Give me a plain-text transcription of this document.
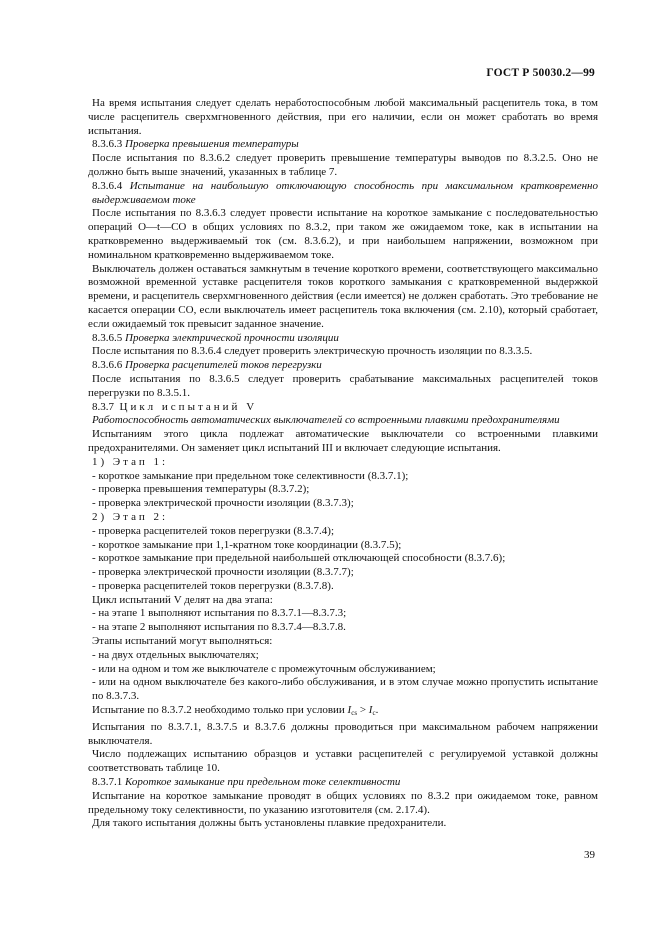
ГОСТ Р 50030.2—99

На время испытания следует сделать неработоспособным любой максимальный расцепитель тока, в том числе расцепитель сверхмгновенного действия, при его наличии, если он может сработать во время испытания.

8.3.6.3 Проверка превышения температуры

После испытания по 8.3.6.2 следует проверить превышение температуры выводов по 8.3.2.5. Оно не должно быть выше значений, указанных в таблице 7.

8.3.6.4 Испытание на наибольшую отключающую способность при максимальном кратковременно выдерживаемом токе

После испытания по 8.3.6.3 следует провести испытание на короткое замыкание с последовательностью операций О—t—СО в общих условиях по 8.3.2, при таком же ожидаемом токе, как в испытании на кратковременно выдерживаемый ток (см. 8.3.6.2), и при наибольшем напряжении, возможном при номинальном кратковременно выдерживаемом токе.

Выключатель должен оставаться замкнутым в течение короткого времени, соответствующего максимально возможной временной уставке расцепителя токов короткого замыкания с кратковременной выдержкой времени, и расцепитель сверхмгновенного действия (если имеется) не должен сработать. Это требование не касается операции СО, если выключатель имеет расцепитель тока включения (см. 2.10), который сработает, если ожидаемый ток превысит заданное значение.

8.3.6.5 Проверка электрической прочности изоляции

После испытания по 8.3.6.4 следует проверить электрическую прочность изоляции по 8.3.3.5.

8.3.6.6 Проверка расцепителей токов перегрузки

После испытания по 8.3.6.5 следует проверить срабатывание максимальных расцепителей токов перегрузки по 8.3.5.1.

8.3.7 Цикл испытаний V

Работоспособность автоматических выключателей со встроенными плавкими предохранителями

Испытаниям этого цикла подлежат автоматические выключатели со встроенными плавкими предохранителями. Он заменяет цикл испытаний III и включает следующие испытания.

1) Этап 1:

- короткое замыкание при предельном токе селективности (8.3.7.1);

- проверка превышения температуры (8.3.7.2);

- проверка электрической прочности изоляции (8.3.7.3);

2) Этап 2:

- проверка расцепителей токов перегрузки (8.3.7.4);

- короткое замыкание при 1,1-кратном токе координации (8.3.7.5);

- короткое замыкание при предельной наибольшей отключающей способности (8.3.7.6);

- проверка электрической прочности изоляции (8.3.7.7);

- проверка расцепителей токов перегрузки (8.3.7.8).

Цикл испытаний V делят на два этапа:

- на этапе 1 выполняют испытания по 8.3.7.1—8.3.7.3;

- на этапе 2 выполняют испытания по 8.3.7.4—8.3.7.8.

Этапы испытаний могут выполняться:

- на двух отдельных выключателях;

- или на одном и том же выключателе с промежуточным обслуживанием;

- или на одном выключателе без какого-либо обслуживания, и в этом случае можно пропустить испытание по 8.3.7.3.

Испытание по 8.3.7.2 необходимо только при условии $I_{cs} > I_c$.

Испытания по 8.3.7.1, 8.3.7.5 и 8.3.7.6 должны проводиться при максимальном рабочем напряжении выключателя.

Число подлежащих испытанию образцов и уставки расцепителей с регулируемой уставкой должны соответствовать таблице 10.

8.3.7.1 Короткое замыкание при предельном токе селективности

Испытание на короткое замыкание проводят в общих условиях по 8.3.2 при ожидаемом токе, равном предельному току селективности, по указанию изготовителя (см. 2.17.4).

Для такого испытания должны быть установлены плавкие предохранители.

39
